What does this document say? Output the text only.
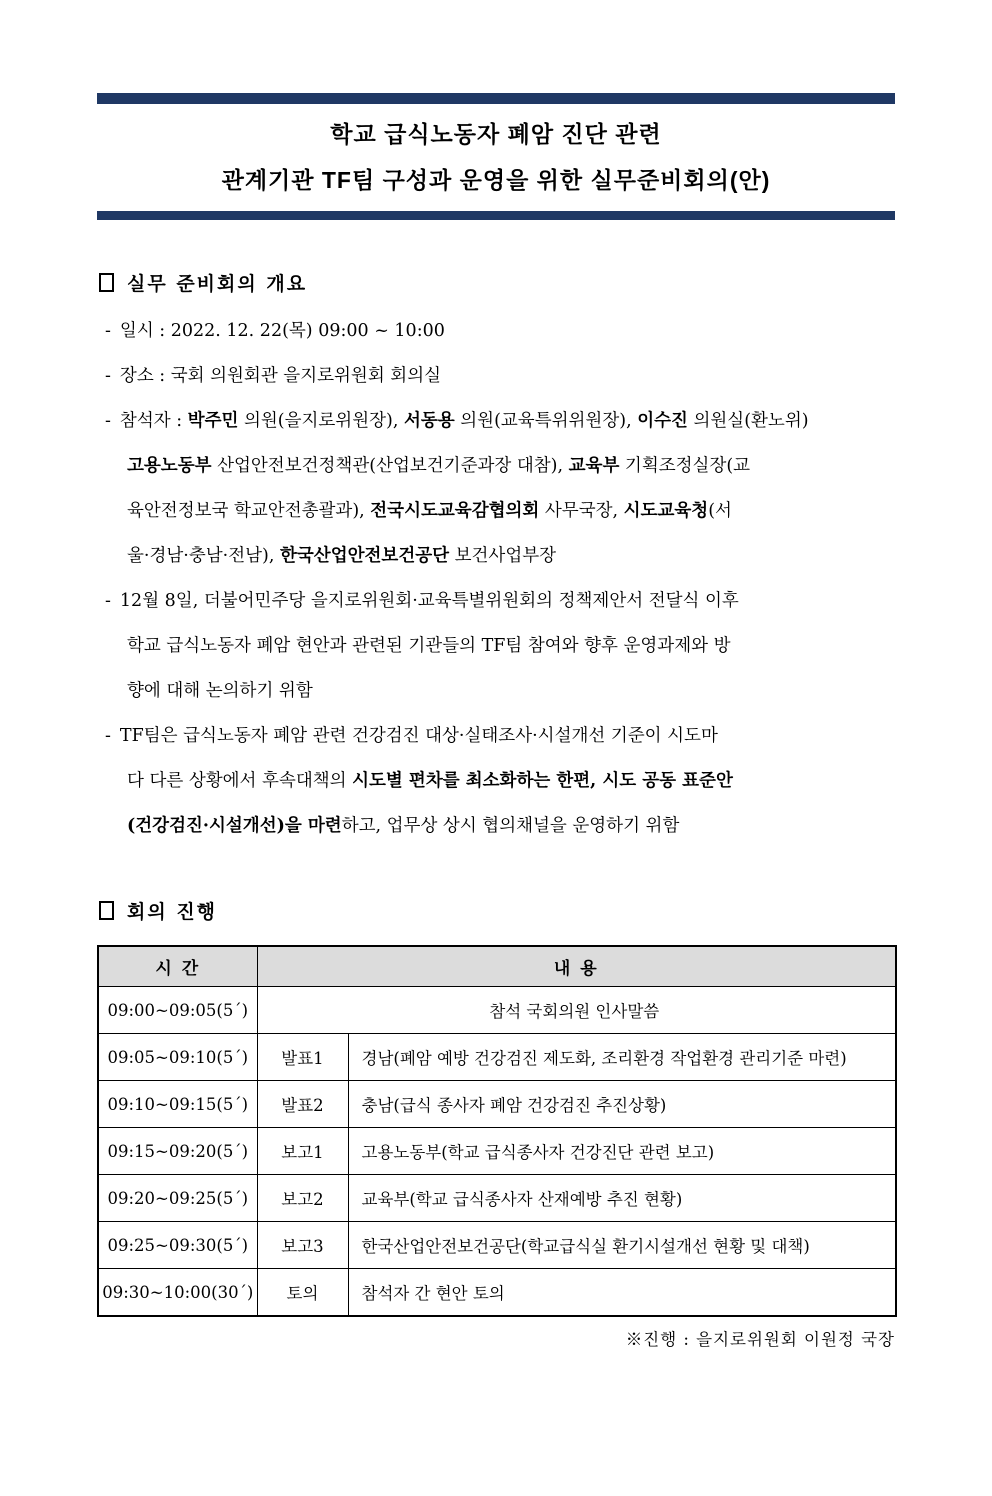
학교 급식노동자 폐암 진단 관련
관계기관 TF팀 구성과 운영을 위한 실무준비회의(안)
실무 준비회의 개요
- 일시 : 2022. 12. 22(목) 09:00 ~ 10:00
- 장소 : 국회 의원회관 을지로위원회 회의실
- 참석자 : 박주민 의원(을지로위원장), 서동용 의원(교육특위위원장), 이수진 의원실(환노위)
고용노동부 산업안전보건정책관(산업보건기준과장 대참), 교육부 기획조정실장(교
육안전정보국 학교안전총괄과), 전국시도교육감협의회 사무국장, 시도교육청(서
울·경남·충남·전남), 한국산업안전보건공단 보건사업부장
- 12월 8일, 더불어민주당 을지로위원회·교육특별위원회의 정책제안서 전달식 이후
학교 급식노동자 폐암 현안과 관련된 기관들의 TF팀 참여와 향후 운영과제와 방
향에 대해 논의하기 위함
- TF팀은 급식노동자 폐암 관련 건강검진 대상·실태조사·시설개선 기준이 시도마
다 다른 상황에서 후속대책의 시도별 편차를 최소화하는 한편, 시도 공동 표준안
(건강검진·시설개선)을 마련하고, 업무상 상시 협의채널을 운영하기 위함
회의 진행
시 간	내 용	
09:00~09:05(5´)	참석 국회의원 인사말씀	
09:05~09:10(5´)	발표1	경남(폐암 예방 건강검진 제도화, 조리환경 작업환경 관리기준 마련)
09:10~09:15(5´)	발표2	충남(급식 종사자 폐암 건강검진 추진상황)
09:15~09:20(5´)	보고1	고용노동부(학교 급식종사자 건강진단 관련 보고)
09:20~09:25(5´)	보고2	교육부(학교 급식종사자 산재예방 추진 현황)
09:25~09:30(5´)	보고3	한국산업안전보건공단(학교급식실 환기시설개선 현황 및 대책)
09:30~10:00(30´)	토의	참석자 간 현안 토의
※진행 : 을지로위원회 이원정 국장
